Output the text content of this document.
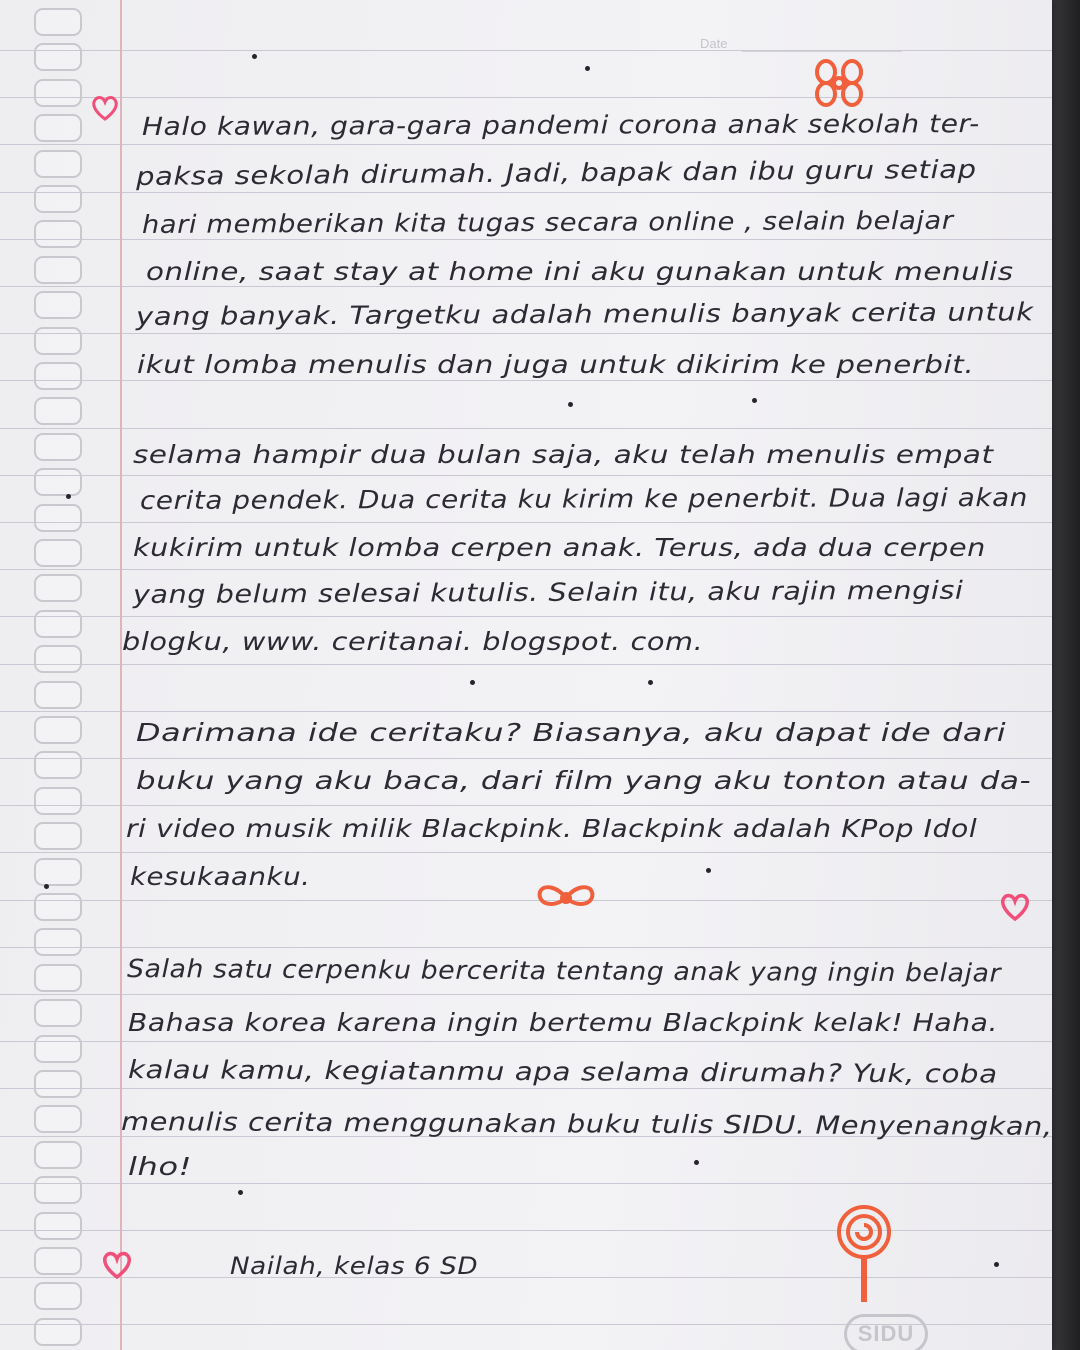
Date
Halo kawan, gara-gara pandemi corona anak sekolah ter-
paksa sekolah dirumah. Jadi, bapak dan ibu guru setiap
hari memberikan kita tugas secara online , selain belajar
online, saat stay at home ini aku gunakan untuk menulis
yang banyak. Targetku adalah menulis banyak cerita untuk
ikut lomba menulis dan juga untuk dikirim ke penerbit.
selama hampir dua bulan saja, aku telah menulis empat
cerita pendek. Dua cerita ku kirim ke penerbit. Dua lagi akan
kukirim untuk lomba cerpen anak. Terus, ada dua cerpen
yang belum selesai kutulis. Selain itu, aku rajin mengisi
blogku, www. ceritanai. blogspot. com.
Darimana ide ceritaku? Biasanya, aku dapat ide dari
buku yang aku baca, dari film yang aku tonton atau da-
ri video musik milik Blackpink. Blackpink adalah KPop Idol
kesukaanku.
Salah satu cerpenku bercerita tentang anak yang ingin belajar
Bahasa korea karena ingin bertemu Blackpink kelak! Haha.
kalau kamu, kegiatanmu apa selama dirumah? Yuk, coba
menulis cerita menggunakan buku tulis SIDU. Menyenangkan,
lho!
Nailah, kelas 6 SD
SIDU
